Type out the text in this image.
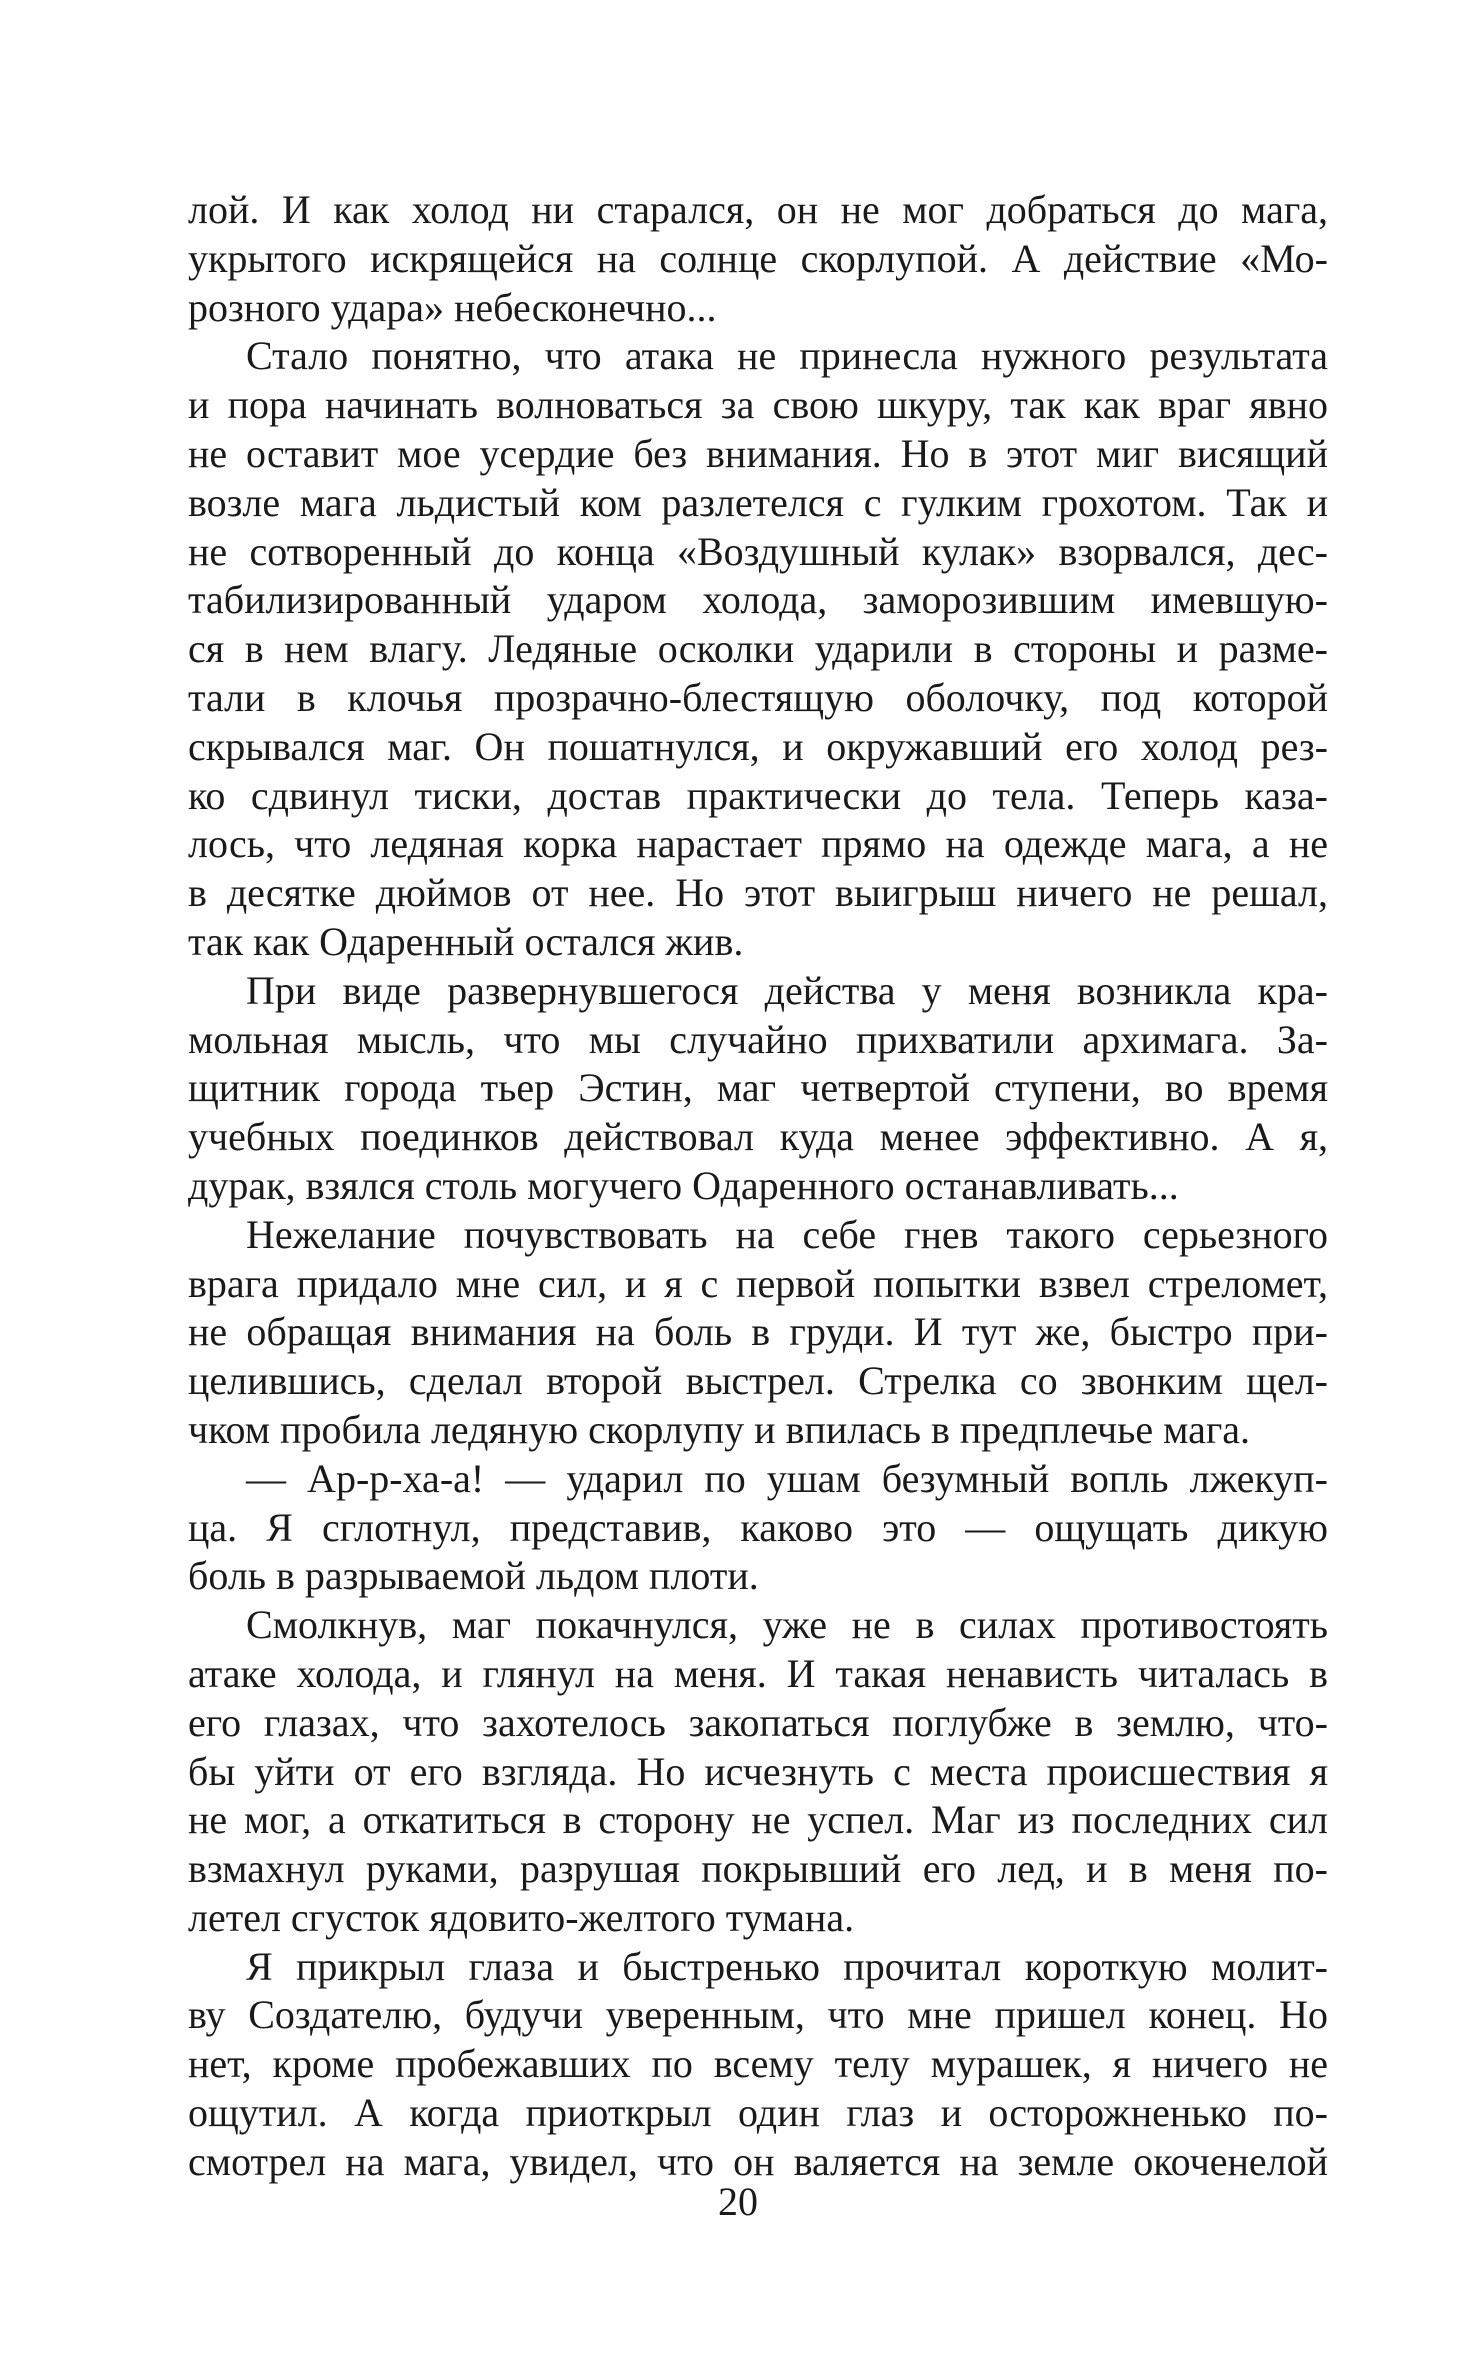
лой. И как холод ни старался, он не мог добраться до мага,
укрытого искрящейся на солнце скорлупой. А действие «Мо-
розного удара» небесконечно...
Стало понятно, что атака не принесла нужного результата
и пора начинать волноваться за свою шкуру, так как враг явно
не оставит мое усердие без внимания. Но в этот миг висящий
возле мага льдистый ком разлетелся с гулким грохотом. Так и
не сотворенный до конца «Воздушный кулак» взорвался, дес-
табилизированный ударом холода, заморозившим имевшую-
ся в нем влагу. Ледяные осколки ударили в стороны и разме-
тали в клочья прозрачно-блестящую оболочку, под которой
скрывался маг. Он пошатнулся, и окружавший его холод рез-
ко сдвинул тиски, достав практически до тела. Теперь каза-
лось, что ледяная корка нарастает прямо на одежде мага, а не
в десятке дюймов от нее. Но этот выигрыш ничего не решал,
так как Одаренный остался жив.
При виде развернувшегося действа у меня возникла кра-
мольная мысль, что мы случайно прихватили архимага. За-
щитник города тьер Эстин, маг четвертой ступени, во время
учебных поединков действовал куда менее эффективно. А я,
дурак, взялся столь могучего Одаренного останавливать...
Нежелание почувствовать на себе гнев такого серьезного
врага придало мне сил, и я с первой попытки взвел стреломет,
не обращая внимания на боль в груди. И тут же, быстро при-
целившись, сделал второй выстрел. Стрелка со звонким щел-
чком пробила ледяную скорлупу и впилась в предплечье мага.
— Ар-р-ха-а! — ударил по ушам безумный вопль лжекуп-
ца. Я сглотнул, представив, каково это — ощущать дикую
боль в разрываемой льдом плоти.
Смолкнув, маг покачнулся, уже не в силах противостоять
атаке холода, и глянул на меня. И такая ненависть читалась в
его глазах, что захотелось закопаться поглубже в землю, что-
бы уйти от его взгляда. Но исчезнуть с места происшествия я
не мог, а откатиться в сторону не успел. Маг из последних сил
взмахнул руками, разрушая покрывший его лед, и в меня по-
летел сгусток ядовито-желтого тумана.
Я прикрыл глаза и быстренько прочитал короткую молит-
ву Создателю, будучи уверенным, что мне пришел конец. Но
нет, кроме пробежавших по всему телу мурашек, я ничего не
ощутил. А когда приоткрыл один глаз и осторожненько по-
смотрел на мага, увидел, что он валяется на земле окоченелой
20
